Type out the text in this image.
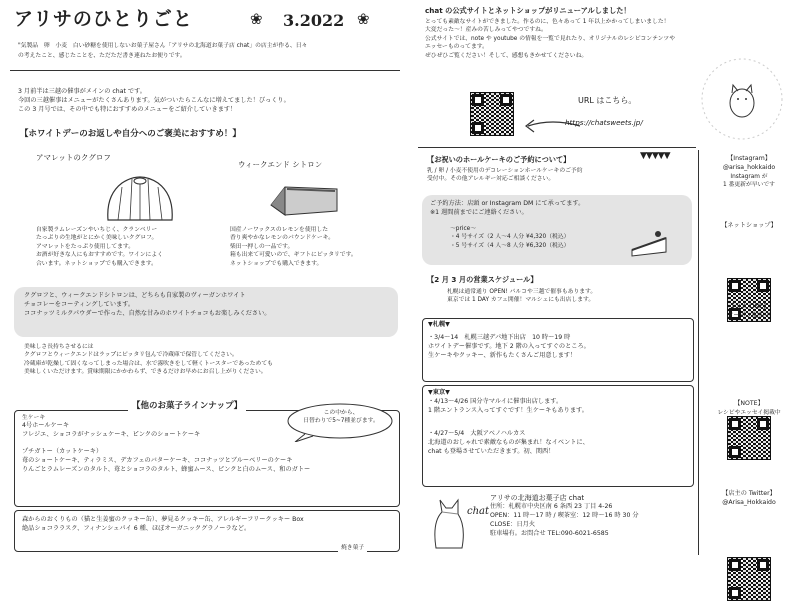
アリサのひとりごと	❀ 3.2022 ❀
"気製品　卵　小麦　白い砂糖を使用しないお菓子屋さん「アリサの北海道お菓子店 chat」の店主が作る、日々
の考えたこと、感じたことを、ただただ書き連ねたお便りです。
3 月前半は三越の催事がメインの chat です。
今回の三越催事はメニューがたくさんあります。気がついたらこんなに増えてました！びっくり。
この 3 月号では、その中でも特におすすめのメニューをご紹介していきます！
【ホワイトデーのお返しや自分へのご褒美におすすめ！】
アマレットのクグロフ
自家製ラムレーズンやいちじく、クランベリー
たっぷりの生地がとにかく美味しいクグロフ。
アマレットをたっぷり使用してます。
お酒が好きな人にもおすすめです。ワインによく
合います。ネットショップでも購入できます。
ウィークエンド シトロン
国産ノーワックスのレモンを使用した
香り爽やかなレモンのパウンドケーキ。
柴田一押しの一品です。
箱も出来て可愛いので、ギフトにピッタリです。
ネットショップでも購入できます。
クグロフと、ウィークエンドシトロンは、どちらも自家製のヴィーガンホワイト
チョコレーをコーティングしています。
ココナッツミルクパウダーで作った、自然な甘みのホワイトチョコもお楽しみください。
美味しさ長持ちさせるには
クグロフとウィークエンドはラップにピッタリ包んで冷蔵庫で保管してください。
冷蔵庫が乾燥して固くなってしまった場合は、水で霧吹きをして軽くトースターであっためても
美味しくいただけます。賞味期限にかかわらず、できるだけお早めにお召し上がりください。
【他のお菓子ラインナップ】
この中から、
日替わりで5~7種並びます。
生ケーキ
4号ホールケーキ
フレジエ、ショコラがナッシュケーキ、ピンクのショートケーキ
プチガトー（カットケーキ）
苺のショートケーキ、ティラミス、デカフェのバターケーキ、ココナッツとブルーベリーのケーキ
りんごとラムレーズンのタルト、苺とショコラのタルト、蜂蜜ムース、ピンクと白のムース、和のガトー
森からのおくりもの（猫と生姜蜜のクッキー缶）、夢見るクッキー缶、アレルギーフリークッキー Box
絶品ショコララスク、フィナンシェパイ 6 種、ほぼオーガニックグラノーラなど。
焼き菓子
chat の公式サイトとネットショップがリニューアルしました！
とっても素敵なサイトができました。作るのに、色々あって 1 年以上かかってしまいました！
大変だった〜！産みの苦しみってやつですね。
公式サイトでは、note や youtube の情報を一覧で見れたり、オリジナルのレシピコンテンツや
エッセーものってます。
ぜひぜひご覧ください！そして、感想もきかせてくださいね。
URL はこちら。
https://chatsweets.jp/
【お祝いのホールケーキのご予約について】	▼▼▼▼▼
乳 / 卵 / 小麦不使用のデコレーションホールケーキのご予約
受付中。その他アレルギー対応ご相談ください。
ご予約方法：店頭 or Instagram DM にて承ってます。
※1 週間前までにご連絡ください。
〜price〜
・4 号サイズ（2 人〜4 人分 ¥4,320（税込）
・5 号サイズ（4 人〜8 人分 ¥6,320（税込）
【2 月 3 月の営業スケジュール】
札幌は通常通り OPEN! パルコや三越で催事もあります。
東京では 1 DAY カフェ開催！マルシェにも出店します。
▼札幌▼
・3/4〜14　札幌三越デパ地下出店　10 時〜19 時
ホワイトデー催事です。地下 2 階の入ってすぐのところ。
生ケーキやクッキー、新作もたくさんご用意します！
▼東京▼
・4/13〜4/26 国分寺マルイに催事出店します。
1 階エントランス入ってすぐです！生ケーキもあります。
・4/27〜5/4　大阪アベノハルカス
北海道のおしゃれで素敵なものが集まれ！なイベントに、
chat も登場させていただきます。初、関西！
chat
アリサの北海道お菓子店 chat
住所：札幌市中央区南 6 条西 23 丁目 4-26
OPEN：11 時〜17 時 / 喫茶室：12 時〜16 時 30 分
CLOSE：日月火
駐車場有。お問合せ TEL:090-6021-6585
【Instagram】
@arisa_hokkaido
Instagram が
1 番更新が早いです
【ネットショップ】
【公式 LINE】
クーポン配布中
【NOTE】
レシピやエッセイ掲載中
【店主の Twitter】
@Arisa_Hokkaido
